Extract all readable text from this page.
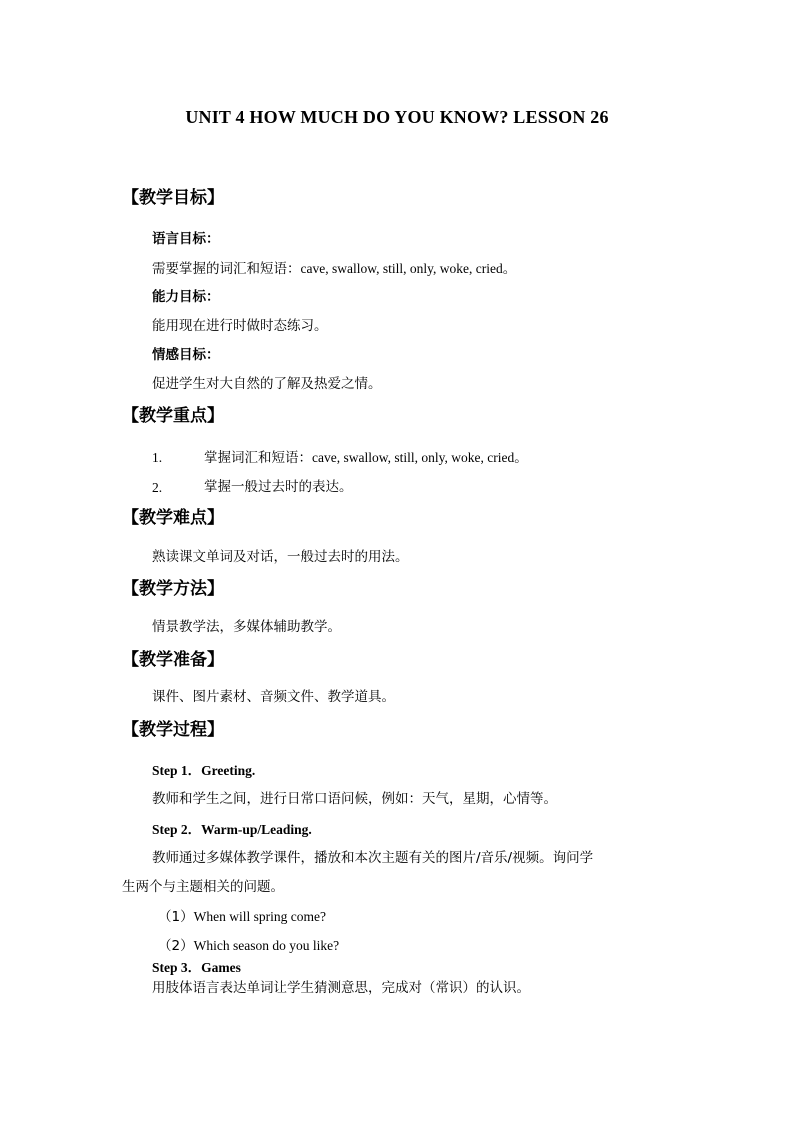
UNIT 4 HOW MUCH DO YOU KNOW? LESSON 26
【教学目标】
语言目标：
需要掌握的词汇和短语：cave, swallow, still, only, woke, cried。
能力目标：
能用现在进行时做时态练习。
情感目标：
促进学生对大自然的了解及热爱之情。
【教学重点】
1.	掌握词汇和短语：cave, swallow, still, only, woke, cried。
2.	掌握一般过去时的表达。
【教学难点】
熟读课文单词及对话，一般过去时的用法。
【教学方法】
情景教学法，多媒体辅助教学。
【教学准备】
课件、图片素材、音频文件、教学道具。
【教学过程】
Step 1．Greeting.
教师和学生之间，进行日常口语问候，例如：天气，星期，心情等。
Step 2．Warm-up/Leading.
教师通过多媒体教学课件，播放和本次主题有关的图片/音乐/视频。询问学
生两个与主题相关的问题。
（1）When will spring come?
（2）Which season do you like?
Step 3．Games
用肢体语言表达单词让学生猜测意思，完成对（常识）的认识。
